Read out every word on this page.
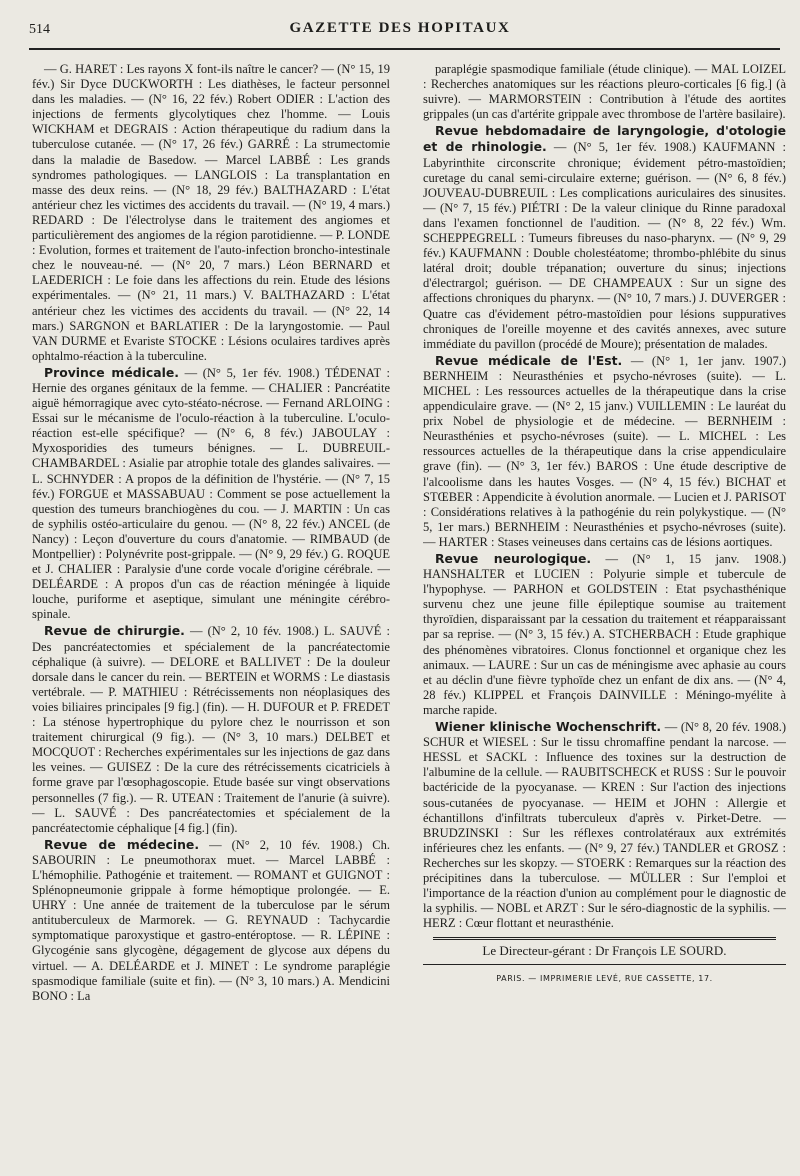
514	GAZETTE DES HOPITAUX

— G. HARET : Les rayons X font-ils naître le cancer? — (N° 15, 19 fév.) Sir Dyce DUCKWORTH : Les diathèses, le facteur personnel dans les maladies. — (N° 16, 22 fév.) Robert ODIER : L'action des injections de ferments glycolytiques chez l'homme. — Louis WICKHAM et DEGRAIS : Action thérapeutique du radium dans la tuberculose cutanée. — (N° 17, 26 fév.) GARRÉ : La strumectomie dans la maladie de Basedow. — Marcel LABBÉ : Les grands syndromes pathologiques. — LANGLOIS : La transplantation en masse des deux reins. — (N° 18, 29 fév.) BALTHAZARD : L'état antérieur chez les victimes des accidents du travail. — (N° 19, 4 mars.) REDARD : De l'électrolyse dans le traitement des angiomes et particulièrement des angiomes de la région parotidienne. — P. LONDE : Evolution, formes et traitement de l'auto-infection broncho-intestinale chez le nouveau-né. — (N° 20, 7 mars.) Léon BERNARD et LAEDERICH : Le foie dans les affections du rein. Etude des lésions expérimentales. — (N° 21, 11 mars.) V. BALTHAZARD : L'état antérieur chez les victimes des accidents du travail. — (N° 22, 14 mars.) SARGNON et BARLATIER : De la laryngostomie. — Paul VAN DURME et Evariste STOCKE : Lésions oculaires tardives après ophtalmo-réaction à la tuberculine.

Province médicale. — (N° 5, 1er fév. 1908.) TÉDENAT : Hernie des organes génitaux de la femme. — CHALIER : Pancréatite aiguë hémorragique avec cyto-stéato-nécrose. — Fernand ARLOING : Essai sur le mécanisme de l'oculo-réaction à la tuberculine. L'oculo-réaction est-elle spécifique? — (N° 6, 8 fév.) JABOULAY : Myxosporidies des tumeurs bénignes. — L. DUBREUIL-CHAMBARDEL : Asialie par atrophie totale des glandes salivaires. — L. SCHNYDER : A propos de la définition de l'hystérie. — (N° 7, 15 fév.) FORGUE et MASSABUAU : Comment se pose actuellement la question des tumeurs branchiogènes du cou. — J. MARTIN : Un cas de syphilis ostéo-articulaire du genou. — (N° 8, 22 fév.) ANCEL (de Nancy) : Leçon d'ouverture du cours d'anatomie. — RIMBAUD (de Montpellier) : Polynévrite post-grippale. — (N° 9, 29 fév.) G. ROQUE et J. CHALIER : Paralysie d'une corde vocale d'origine cérébrale. — DELÉARDE : A propos d'un cas de réaction méningée à liquide louche, puriforme et aseptique, simulant une méningite cérébro-spinale.

Revue de chirurgie. — (N° 2, 10 fév. 1908.) L. SAUVÉ : Des pancréatectomies et spécialement de la pancréatectomie céphalique (à suivre). — DELORE et BALLIVET : De la douleur dorsale dans le cancer du rein. — BERTEIN et WORMS : Le diastasis vertébrale. — P. MATHIEU : Rétrécissements non néoplasiques des voies biliaires principales [9 fig.] (fin). — H. DUFOUR et P. FREDET : La sténose hypertrophique du pylore chez le nourrisson et son traitement chirurgical (9 fig.). — (N° 3, 10 mars.) DELBET et MOCQUOT : Recherches expérimentales sur les injections de gaz dans les veines. — GUISEZ : De la cure des rétrécissements cicatriciels à forme grave par l'œsophagoscopie. Etude basée sur vingt observations personnelles (7 fig.). — R. UTEAN : Traitement de l'anurie (à suivre). — L. SAUVÉ : Des pancréatectomies et spécialement de la pancréatectomie céphalique [4 fig.] (fin).

Revue de médecine. — (N° 2, 10 fév. 1908.) Ch. SABOURIN : Le pneumothorax muet. — Marcel LABBÉ : L'hémophilie. Pathogénie et traitement. — ROMANT et GUIGNOT : Splénopneumonie grippale à forme hémoptique prolongée. — E. UHRY : Une année de traitement de la tuberculose par le sérum antituberculeux de Marmorek. — G. REYNAUD : Tachycardie symptomatique paroxystique et gastro-entéroptose. — R. LÉPINE : Glycogénie sans glycogène, dégagement de glycose aux dépens du virtuel. — A. DELÉARDE et J. MINET : Le syndrome paraplégie spasmodique familiale (suite et fin). — (N° 3, 10 mars.) A. Mendicini BONO : La

paraplégie spasmodique familiale (étude clinique). — MAL LOIZEL : Recherches anatomiques sur les réactions pleuro-corticales [6 fig.] (à suivre). — MARMORSTEIN : Contribution à l'étude des aortites grippales (un cas d'artérite grippale avec thrombose de l'artère basilaire).

Revue hebdomadaire de laryngologie, d'otologie et de rhinologie. — (N° 5, 1er fév. 1908.) KAUFMANN : Labyrinthite circonscrite chronique; évidement pétro-mastoïdien; curetage du canal semi-circulaire externe; guérison. — (N° 6, 8 fév.) JOUVEAU-DUBREUIL : Les complications auriculaires des sinusites. — (N° 7, 15 fév.) PIÉTRI : De la valeur clinique du Rinne paradoxal dans l'examen fonctionnel de l'audition. — (N° 8, 22 fév.) Wm. SCHEPPEGRELL : Tumeurs fibreuses du naso-pharynx. — (N° 9, 29 fév.) KAUFMANN : Double cholestéatome; thrombo-phlébite du sinus latéral droit; double trépanation; ouverture du sinus; injections d'électrargol; guérison. — DE CHAMPEAUX : Sur un signe des affections chroniques du pharynx. — (N° 10, 7 mars.) J. DUVERGER : Quatre cas d'évidement pétro-mastoïdien pour lésions suppuratives chroniques de l'oreille moyenne et des cavités annexes, avec suture immédiate du pavillon (procédé de Moure); présentation de malades.

Revue médicale de l'Est. — (N° 1, 1er janv. 1907.) BERNHEIM : Neurasthénies et psycho-névroses (suite). — L. MICHEL : Les ressources actuelles de la thérapeutique dans la crise appendiculaire grave. — (N° 2, 15 janv.) VUILLEMIN : Le lauréat du prix Nobel de physiologie et de médecine. — BERNHEIM : Neurasthénies et psycho-névroses (suite). — L. MICHEL : Les ressources actuelles de la thérapeutique dans la crise appendiculaire grave (fin). — (N° 3, 1er fév.) BAROS : Une étude descriptive de l'alcoolisme dans les hautes Vosges. — (N° 4, 15 fév.) BICHAT et STŒBER : Appendicite à évolution anormale. — Lucien et J. PARISOT : Considérations relatives à la pathogénie du rein polykystique. — (N° 5, 1er mars.) BERNHEIM : Neurasthénies et psycho-névroses (suite). — HARTER : Stases veineuses dans certains cas de lésions aortiques.

Revue neurologique. — (N° 1, 15 janv. 1908.) HANSHALTER et LUCIEN : Polyurie simple et tubercule de l'hypophyse. — PARHON et GOLDSTEIN : Etat psychasthénique survenu chez une jeune fille épileptique soumise au traitement thyroïdien, disparaissant par la cessation du traitement et réapparaissant par sa reprise. — (N° 3, 15 fév.) A. STCHERBACH : Etude graphique des phénomènes vibratoires. Clonus fonctionnel et organique chez les animaux. — LAURE : Sur un cas de méningisme avec aphasie au cours et au déclin d'une fièvre typhoïde chez un enfant de dix ans. — (N° 4, 28 fév.) KLIPPEL et François DAINVILLE : Méningo-myélite à marche rapide.

Wiener klinische Wochenschrift. — (N° 8, 20 fév. 1908.) SCHUR et WIESEL : Sur le tissu chromaffine pendant la narcose. — HESSL et SACKL : Influence des toxines sur la destruction de l'albumine de la cellule. — RAUBITSCHECK et RUSS : Sur le pouvoir bactéricide de la pyocyanase. — KREN : Sur l'action des injections sous-cutanées de pyocyanase. — HEIM et JOHN : Allergie et échantillons d'infiltrats tuberculeux d'après v. Pirket-Detre. — BRUDZINSKI : Sur les réflexes controlatéraux aux extrémités inférieures chez les enfants. — (N° 9, 27 fév.) TANDLER et GROSZ : Recherches sur les skopzy. — STOERK : Remarques sur la réaction des précipitines dans la tuberculose. — MÜLLER : Sur l'emploi et l'importance de la réaction d'union au complément pour le diagnostic de la syphilis. — NOBL et ARZT : Sur le séro-diagnostic de la syphilis. — HERZ : Cœur flottant et neurasthénie.

Le Directeur-gérant : Dr François LE SOURD.
PARIS. — IMPRIMERIE LEVÉ, RUE CASSETTE, 17.
